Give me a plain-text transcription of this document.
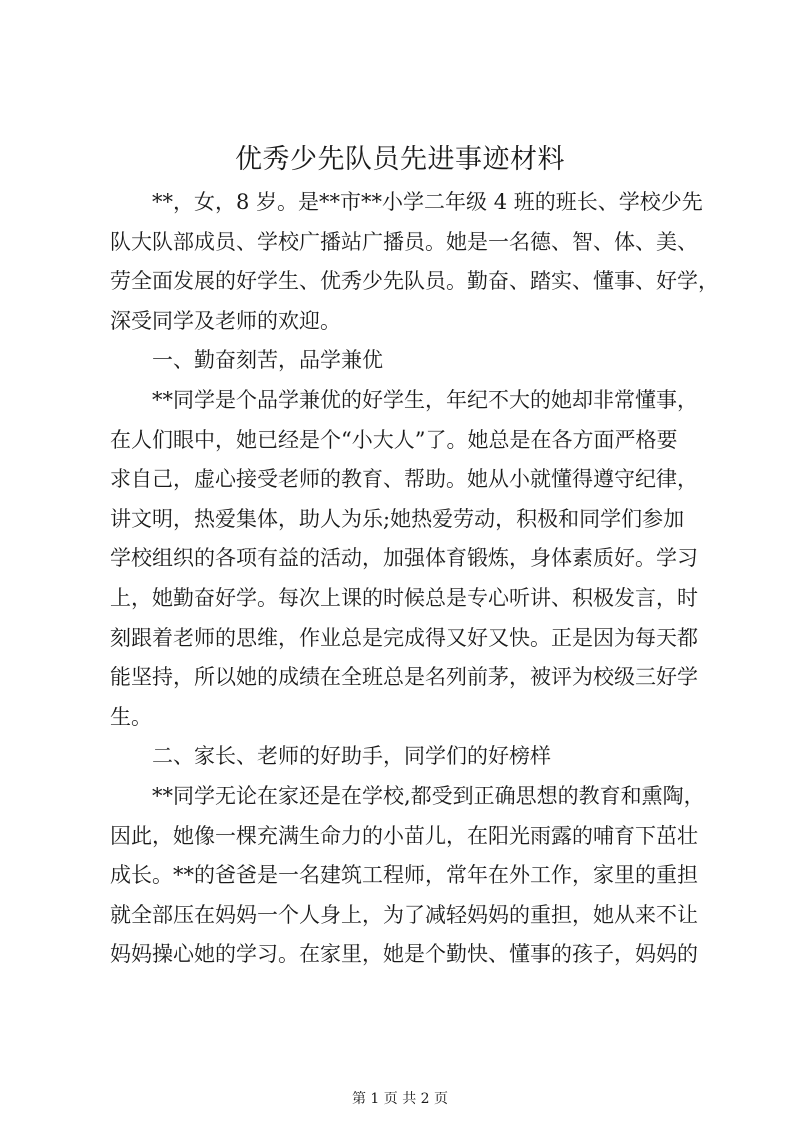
优秀少先队员先进事迹材料
**，女，8 岁。是**市**小学二年级 4 班的班长、学校少先
队大队部成员、学校广播站广播员。她是一名德、智、体、美、
劳全面发展的好学生、优秀少先队员。勤奋、踏实、懂事、好学，
深受同学及老师的欢迎。
一、勤奋刻苦，品学兼优
**同学是个品学兼优的好学生，年纪不大的她却非常懂事，
在人们眼中，她已经是个“小大人”了。她总是在各方面严格要
求自己，虚心接受老师的教育、帮助。她从小就懂得遵守纪律，
讲文明，热爱集体，助人为乐;她热爱劳动，积极和同学们参加
学校组织的各项有益的活动，加强体育锻炼，身体素质好。学习
上，她勤奋好学。每次上课的时候总是专心听讲、积极发言，时
刻跟着老师的思维，作业总是完成得又好又快。正是因为每天都
能坚持，所以她的成绩在全班总是名列前茅，被评为校级三好学
生。
二、家长、老师的好助手，同学们的好榜样
**同学无论在家还是在学校,都受到正确思想的教育和熏陶，
因此，她像一棵充满生命力的小苗儿，在阳光雨露的哺育下茁壮
成长。**的爸爸是一名建筑工程师，常年在外工作，家里的重担
就全部压在妈妈一个人身上，为了减轻妈妈的重担，她从来不让
妈妈操心她的学习。在家里，她是个勤快、懂事的孩子，妈妈的
第 1 页 共 2 页
